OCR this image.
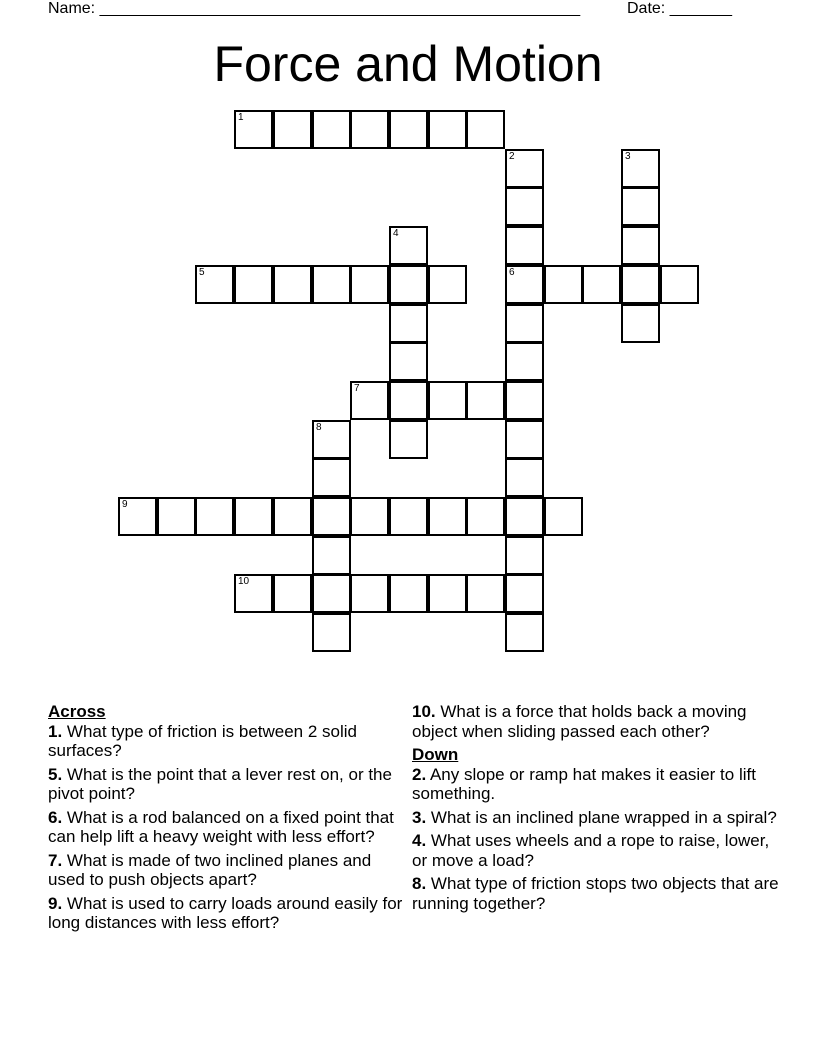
Name: ______________________________________________________	Date: _______
Force and Motion
1
2
6
3
4
5
7
8
9
10
Across
1. What type of friction is between 2 solid surfaces?
5. What is the point that a lever rest on, or the pivot point?
6. What is a rod balanced on a fixed point that can help lift a heavy weight with less effort?
7. What is made of two inclined planes and used to push objects apart?
9. What is used to carry loads around easily for long distances with less effort?
10. What is a force that holds back a moving object when sliding passed each other?
Down
2. Any slope or ramp hat makes it easier to lift something.
3. What is an inclined plane wrapped in a spiral?
4. What uses wheels and a rope to raise, lower, or move a load?
8. What type of friction stops two objects that are running together?
